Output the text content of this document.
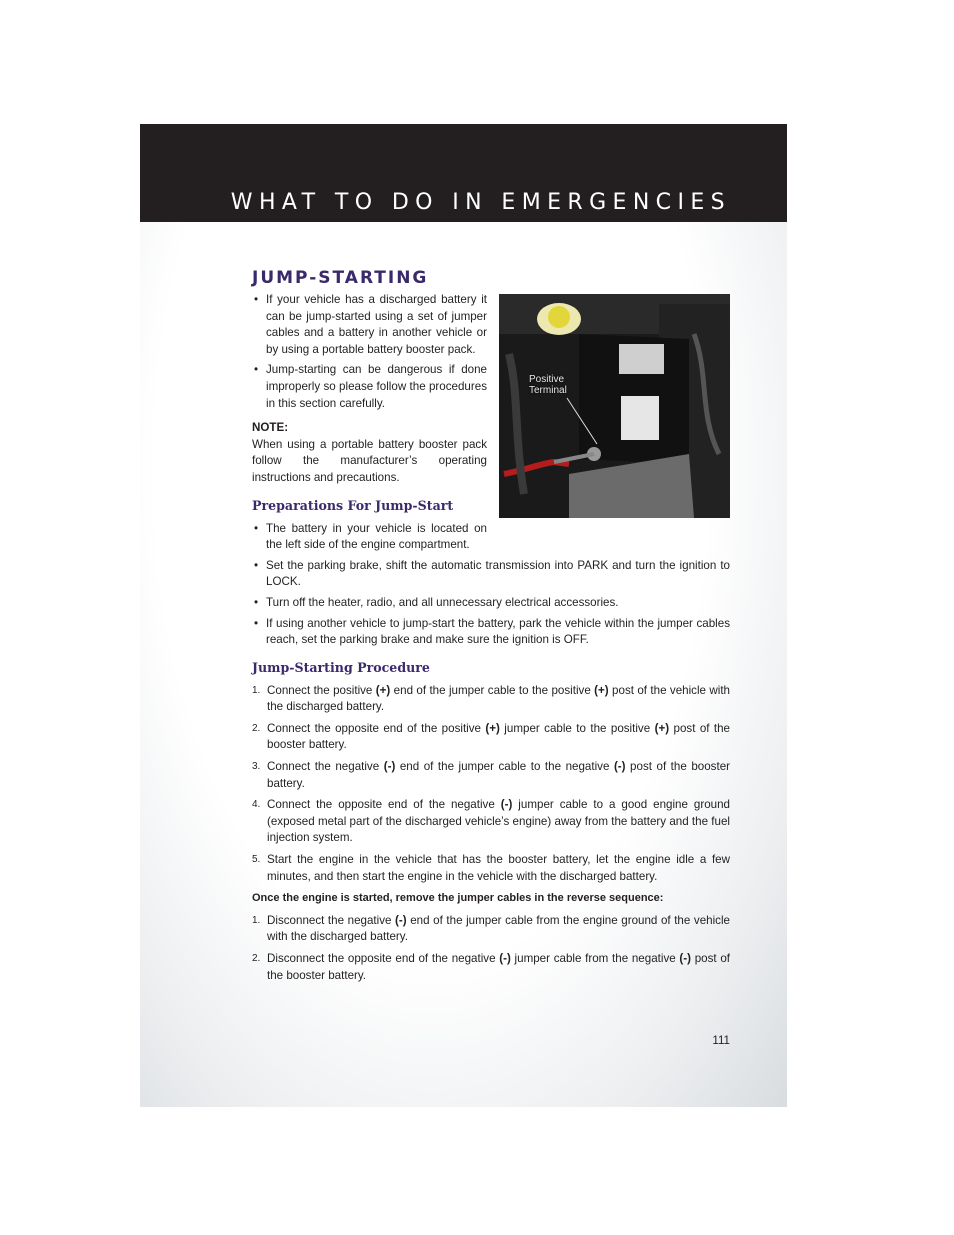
WHAT TO DO IN EMERGENCIES
JUMP-STARTING
Positive
Terminal
• If your vehicle has a discharged battery it can be jump-started using a set of jumper cables and a battery in another vehicle or by using a portable battery booster pack.
• Jump-starting can be dangerous if done improperly so please follow the procedures in this section carefully.

NOTE:

When using a portable battery booster pack follow the manufacturer’s operating instructions and precautions.

Preparations For Jump-Start
• The battery in your vehicle is located on the left side of the engine compartment.
• Set the parking brake, shift the automatic transmission into PARK and turn the ignition to LOCK.
• Turn off the heater, radio, and all unnecessary electrical accessories.
• If using another vehicle to jump-start the battery, park the vehicle within the jumper cables reach, set the parking brake and make sure the ignition is OFF.
Jump-Starting Procedure
1. Connect the positive (+) end of the jumper cable to the positive (+) post of the vehicle with the discharged battery.
2. Connect the opposite end of the positive (+) jumper cable to the positive (+) post of the booster battery.
3. Connect the negative (-) end of the jumper cable to the negative (-) post of the booster battery.
4. Connect the opposite end of the negative (-) jumper cable to a good engine ground (exposed metal part of the discharged vehicle’s engine) away from the battery and the fuel injection system.
5. Start the engine in the vehicle that has the booster battery, let the engine idle a few minutes, and then start the engine in the vehicle with the discharged battery.

Once the engine is started, remove the jumper cables in the reverse sequence:

1. Disconnect the negative (-) end of the jumper cable from the engine ground of the vehicle with the discharged battery.
2. Disconnect the opposite end of the negative (-) jumper cable from the negative (-) post of the booster battery.
111
